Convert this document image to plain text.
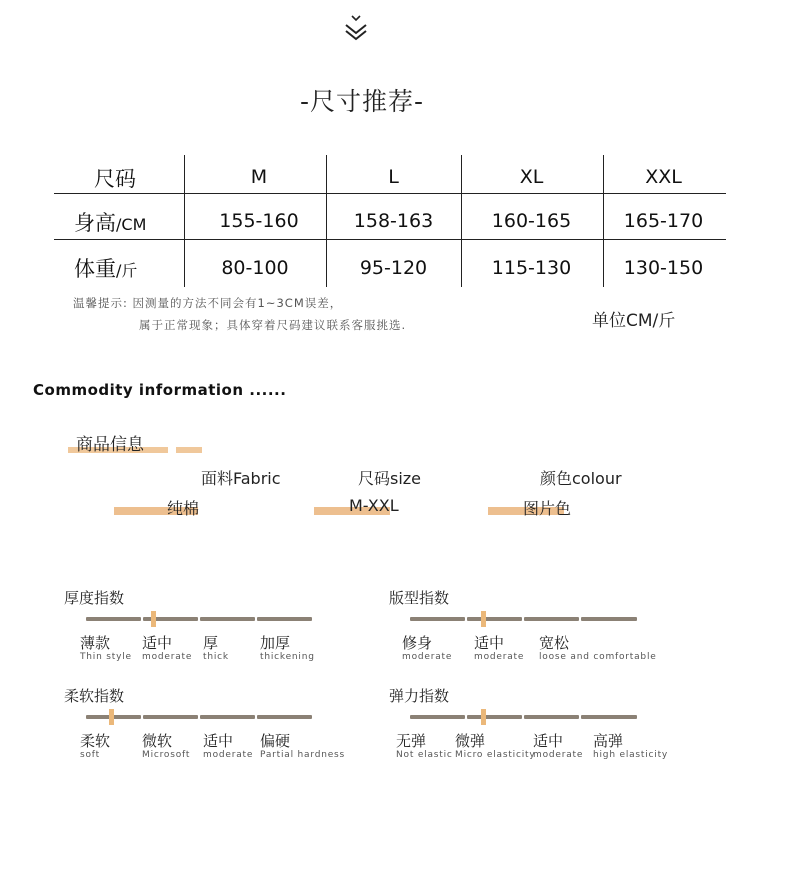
-尺寸推荐-
尺码	M	L	XL	XXL
身高/CM	155-160	158-163	160-165	165-170
体重/斤	80-100	95-120	115-130	130-150
温馨提示: 因测量的方法不同会有1~3CM误差，
属于正常现象；具体穿着尺码建议联系客服挑选.	单位CM/斤
Commodity information ......
商品信息
面料Fabric	尺码size	颜色colour
纯棉	M-XXL	图片色
厚度指数
薄款
Thin style
适中
moderate
厚
thick
加厚
thickening
版型指数
修身
moderate
适中
moderate
宽松
loose and comfortable
柔软指数
柔软
soft
微软
Microsoft
适中
moderate
偏硬
Partial hardness
弹力指数
无弹
Not elastic
微弹
Micro elasticity
适中
moderate
高弹
high elasticity
